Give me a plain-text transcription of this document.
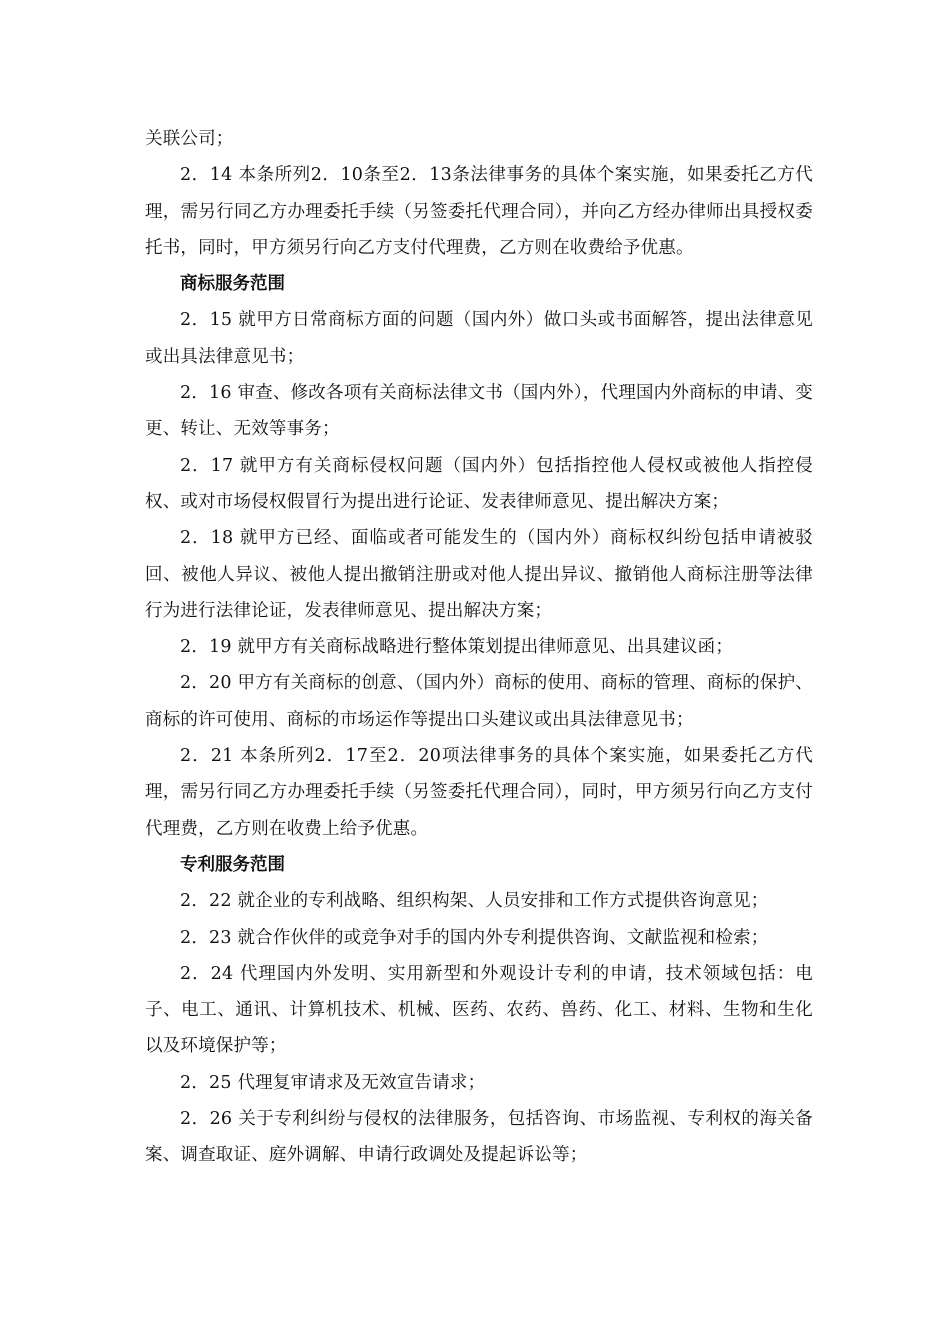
关联公司；

2．14 本条所列2．10条至2．13条法律事务的具体个案实施，如果委托乙方代理，需另行同乙方办理委托手续（另签委托代理合同），并向乙方经办律师出具授权委托书，同时，甲方须另行向乙方支付代理费，乙方则在收费给予优惠。

商标服务范围

2．15 就甲方日常商标方面的问题（国内外）做口头或书面解答，提出法律意见或出具法律意见书；

2．16 审查、修改各项有关商标法律文书（国内外），代理国内外商标的申请、变更、转让、无效等事务；

2．17 就甲方有关商标侵权问题（国内外）包括指控他人侵权或被他人指控侵权、或对市场侵权假冒行为提出进行论证、发表律师意见、提出解决方案；

2．18 就甲方已经、面临或者可能发生的（国内外）商标权纠纷包括申请被驳回、被他人异议、被他人提出撤销注册或对他人提出异议、撤销他人商标注册等法律行为进行法律论证，发表律师意见、提出解决方案；

2．19 就甲方有关商标战略进行整体策划提出律师意见、出具建议函；

2．20 甲方有关商标的创意、（国内外）商标的使用、商标的管理、商标的保护、商标的许可使用、商标的市场运作等提出口头建议或出具法律意见书；

2．21 本条所列2．17至2．20项法律事务的具体个案实施，如果委托乙方代理，需另行同乙方办理委托手续（另签委托代理合同），同时，甲方须另行向乙方支付代理费，乙方则在收费上给予优惠。

专利服务范围

2．22 就企业的专利战略、组织构架、人员安排和工作方式提供咨询意见；

2．23 就合作伙伴的或竞争对手的国内外专利提供咨询、文献监视和检索；

2．24 代理国内外发明、实用新型和外观设计专利的申请，技术领域包括：电子、电工、通讯、计算机技术、机械、医药、农药、兽药、化工、材料、生物和生化以及环境保护等；

2．25 代理复审请求及无效宣告请求；

2．26 关于专利纠纷与侵权的法律服务，包括咨询、市场监视、专利权的海关备案、调查取证、庭外调解、申请行政调处及提起诉讼等；
